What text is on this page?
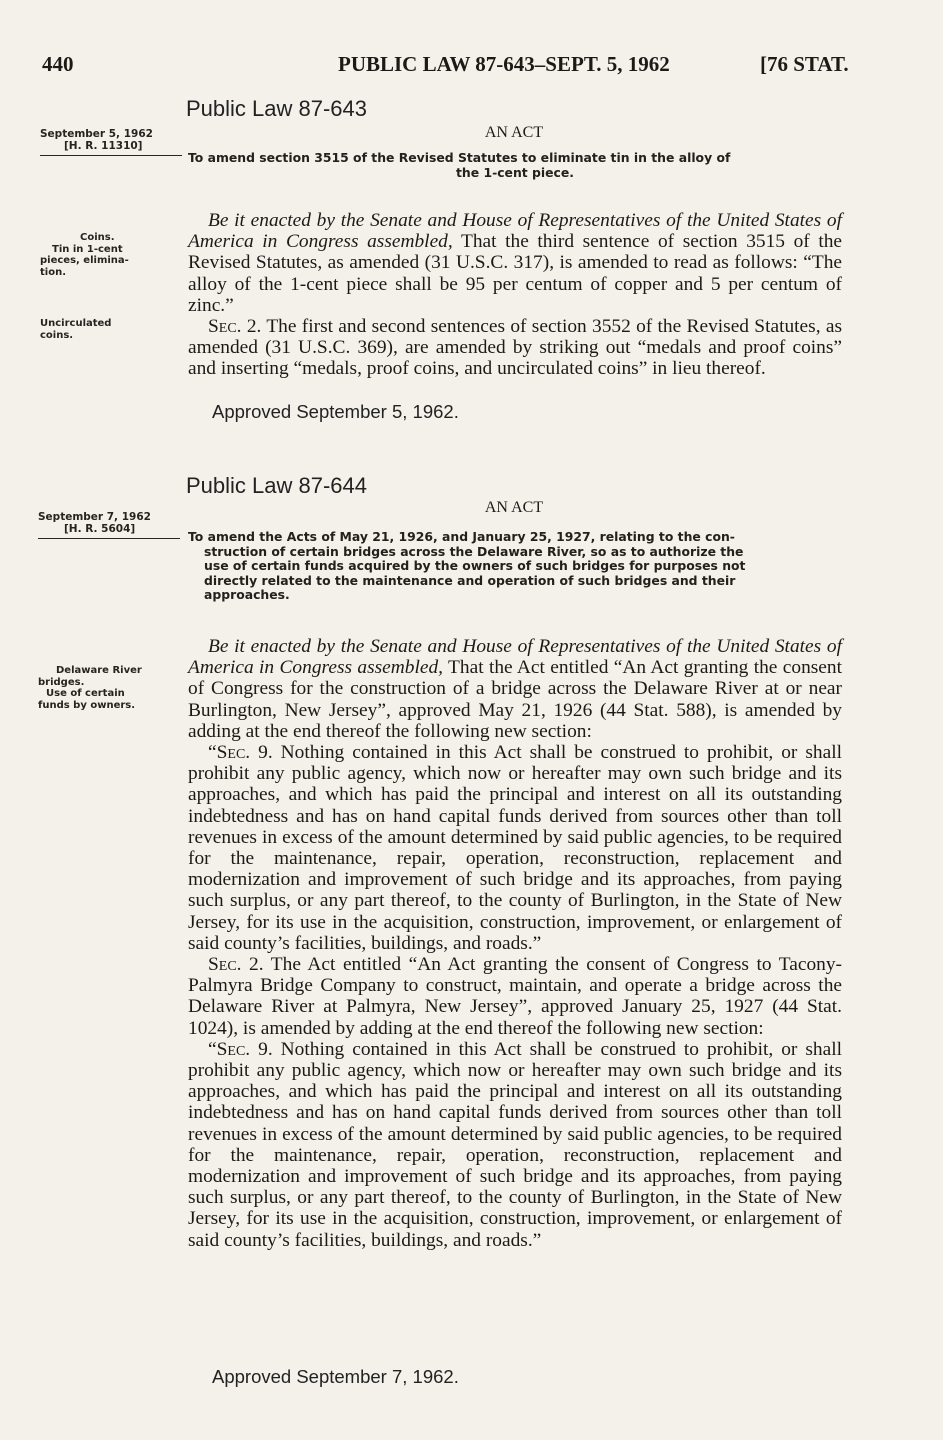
440	PUBLIC LAW 87-643–SEPT. 5, 1962	[76 STAT.
Public Law 87-643

September 5, 1962

[H. R. 11310]

AN ACT

To amend section 3515 of the Revised Statutes to eliminate tin in the alloy of

the 1-cent piece.

Coins.

Tin in 1-cent

pieces, elimina-

tion.

Uncirculated

coins.

Be it enacted by the Senate and House of Representatives of the United States of America in Congress assembled, That the third sentence of section 3515 of the Revised Statutes, as amended (31 U.S.C. 317), is amended to read as follows: “The alloy of the 1-cent piece shall be 95 per centum of copper and 5 per centum of zinc.”

Sec. 2. The first and second sentences of section 3552 of the Revised Statutes, as amended (31 U.S.C. 369), are amended by striking out “medals and proof coins” and inserting “medals, proof coins, and uncirculated coins” in lieu thereof.

Approved September 5, 1962.
Public Law 87-644

September 7, 1962

[H. R. 5604]

AN ACT

To amend the Acts of May 21, 1926, and January 25, 1927, relating to the con-

struction of certain bridges across the Delaware River, so as to authorize the

use of certain funds acquired by the owners of such bridges for purposes not

directly related to the maintenance and operation of such bridges and their

approaches.

Delaware River

bridges.

Use of certain

funds by owners.

Be it enacted by the Senate and House of Representatives of the United States of America in Congress assembled, That the Act entitled “An Act granting the consent of Congress for the construction of a bridge across the Delaware River at or near Burlington, New Jersey”, approved May 21, 1926 (44 Stat. 588), is amended by adding at the end thereof the following new section:

“Sec. 9. Nothing contained in this Act shall be construed to prohibit, or shall prohibit any public agency, which now or hereafter may own such bridge and its approaches, and which has paid the principal and interest on all its outstanding indebtedness and has on hand capital funds derived from sources other than toll revenues in excess of the amount determined by said public agencies, to be required for the maintenance, repair, operation, reconstruction, replacement and modernization and improvement of such bridge and its approaches, from paying such surplus, or any part thereof, to the county of Burlington, in the State of New Jersey, for its use in the acquisition, construction, improvement, or enlargement of said county’s facilities, buildings, and roads.”

Sec. 2. The Act entitled “An Act granting the consent of Congress to Tacony-Palmyra Bridge Company to construct, maintain, and operate a bridge across the Delaware River at Palmyra, New Jersey”, approved January 25, 1927 (44 Stat. 1024), is amended by adding at the end thereof the following new section:

“Sec. 9. Nothing contained in this Act shall be construed to prohibit, or shall prohibit any public agency, which now or hereafter may own such bridge and its approaches, and which has paid the principal and interest on all its outstanding indebtedness and has on hand capital funds derived from sources other than toll revenues in excess of the amount determined by said public agencies, to be required for the maintenance, repair, operation, reconstruction, replacement and modernization and improvement of such bridge and its approaches, from paying such surplus, or any part thereof, to the county of Burlington, in the State of New Jersey, for its use in the acquisition, construction, improvement, or enlargement of said county’s facilities, buildings, and roads.”

Approved September 7, 1962.
